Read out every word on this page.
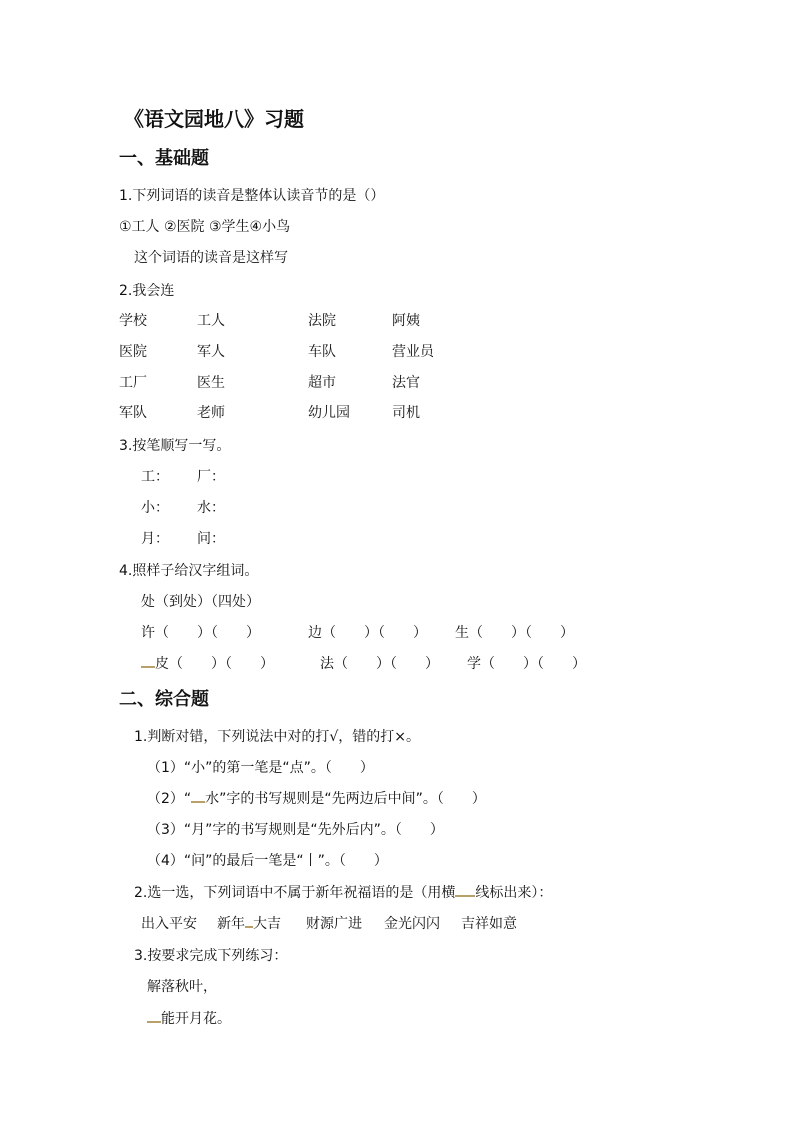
《语文园地八》习题
一、基础题
1.下列词语的读音是整体认读音节的是（）
①工人 ②医院 ③学生④小鸟
这个词语的读音是这样写
2.我会连
学校	工人	法院	阿姨
医院	军人	车队	营业员
工厂	医生	超市	法官
军队	老师	幼儿园	司机
3.按笔顺写一写。
工： 厂：
小： 水：
月： 问：
4.照样子给汉字组词。
处（到处）（四处）
许（　　）（　　）	边（　　）（　　） 生（　　）（　　）
皮（　　）（　　）	法（　　）（　　） 学（　　）（　　）
二、综合题
1.判断对错，下列说法中对的打√，错的打×。
（1）“小”的第一笔是“点”。（　　）
（2）“ 水”字的书写规则是“先两边后中间”。（　　）
（3）“月”字的书写规则是“先外后内”。（　　）
（4）“问”的最后一笔是“丨”。（　　）
2.选一选，下列词语中不属于新年祝福语的是（用横 线标出来）：
出入平安 新年 大吉 财源广进 金光闪闪 吉祥如意
3.按要求完成下列练习：
解落秋叶，
能开月花。
